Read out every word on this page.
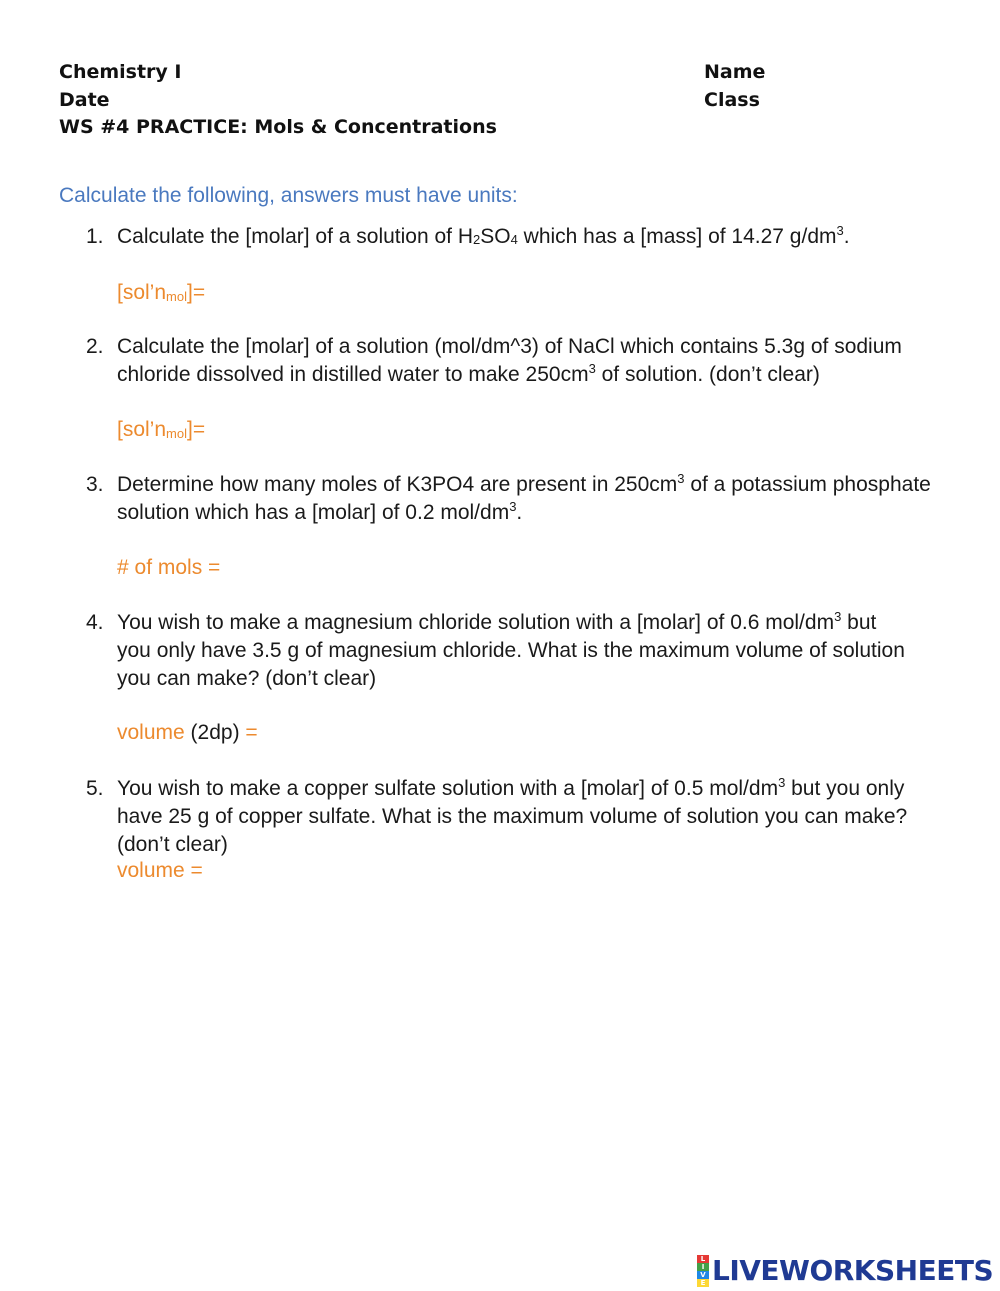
Chemistry I
Date
WS #4 PRACTICE: Mols & Concentrations
Name
Class
Calculate the following, answers must have units:
1. Calculate the [molar] of a solution of H2SO4 which has a [mass] of 14.27 $g/dm^3$.
[sol’nmol]=
2. Calculate the [molar] of a solution (mol/dm^3) of NaCl which contains 5.3g of sodium
chloride dissolved in distilled water to make $250cm^3$ of solution. (don’t clear)
[sol’nmol]=
3. Determine how many moles of K3PO4 are present in $250cm^3$ of a potassium phosphate
solution which has a [molar] of 0.2 mol/$dm^3$.
# of mols =
4. You wish to make a magnesium chloride solution with a [molar] of 0.6 mol/$dm^3$ but
you only have 3.5 g of magnesium chloride. What is the maximum volume of solution
you can make? (don’t clear)
volume (2dp) =
5. You wish to make a copper sulfate solution with a [molar] of 0.5 mol/$dm^3$ but you only
have 25 g of copper sulfate. What is the maximum volume of solution you can make?
(don’t clear)
volume =
L
I
V
E LIVEWORKSHEETS
